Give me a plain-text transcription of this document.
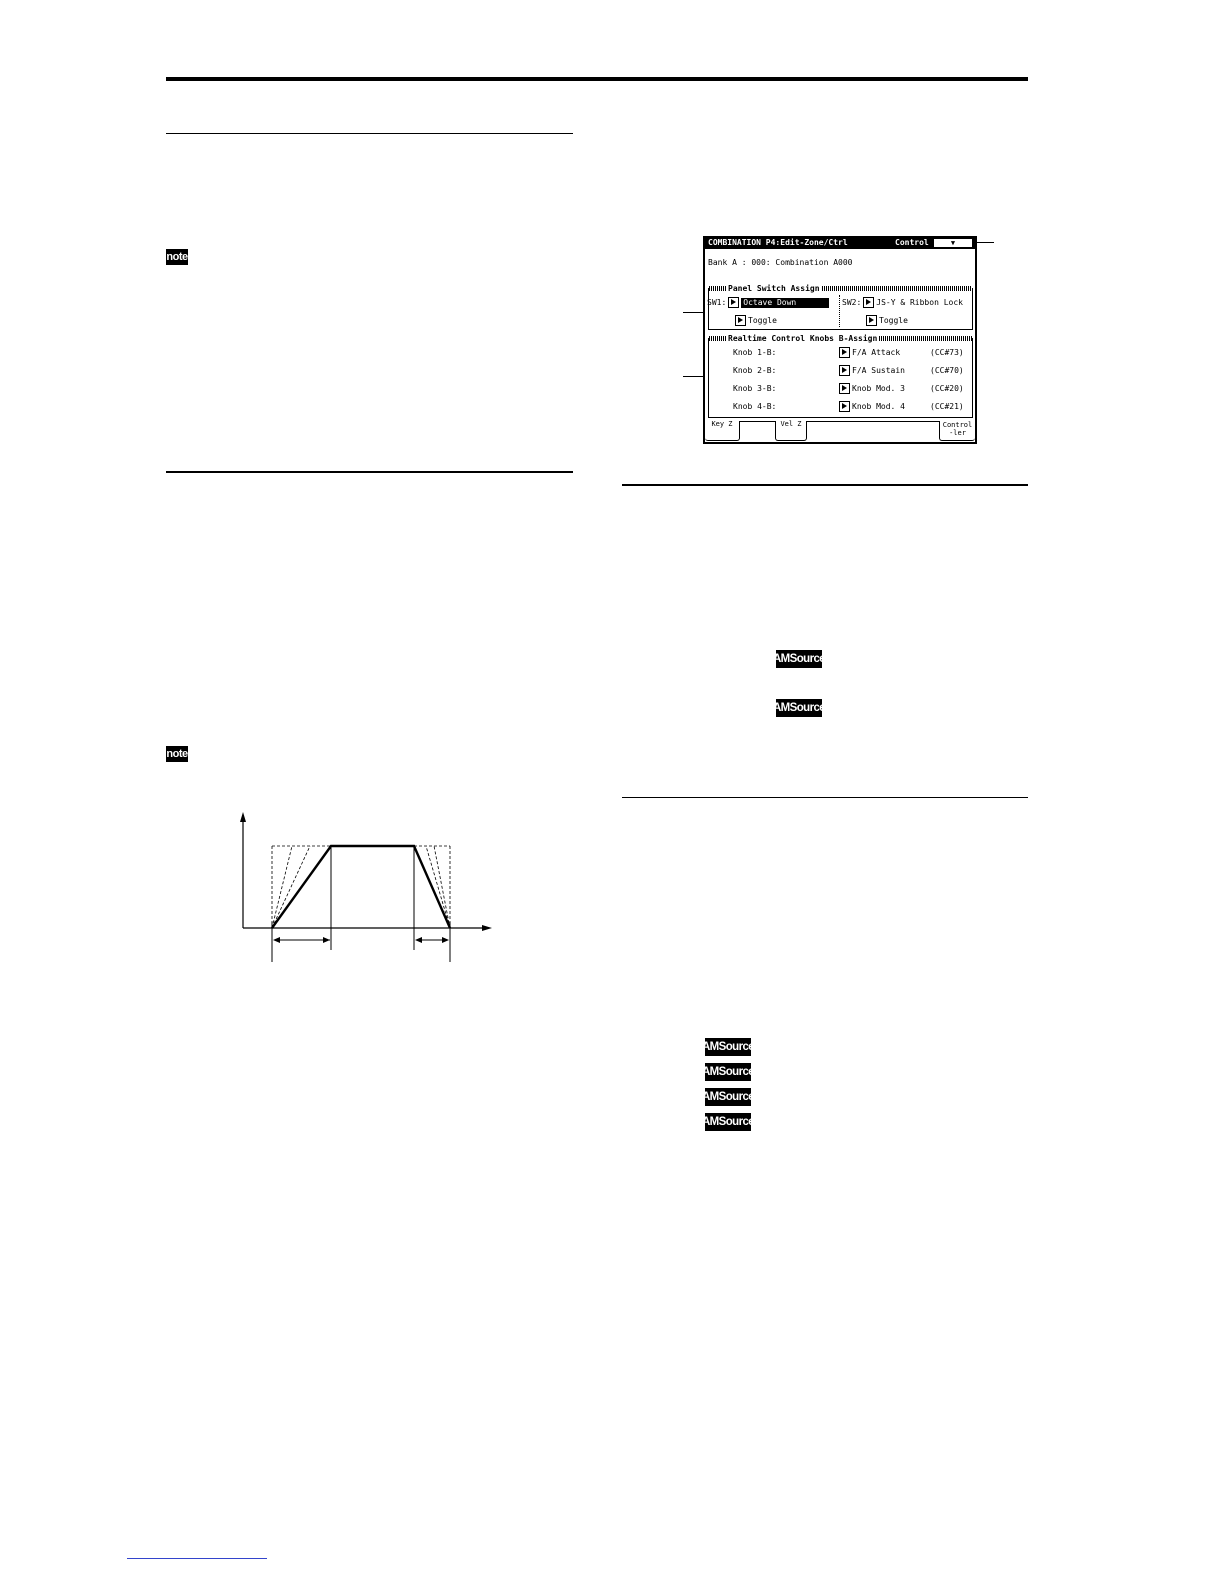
note
note
AMSource
AMSource
AMSource
AMSource
AMSource
AMSource
COMBINATION P4:Edit-Zone/Ctrl	Control	▼
Bank A : 000: Combination A000
Panel Switch Assign
SW1: Octave Down
Toggle
SW2: JS-Y & Ribbon Lock
Toggle
Realtime Control Knobs B-Assign
Knob 1-B:	F/A Attack	(CC#73)
Knob 2-B:	F/A Sustain	(CC#70)
Knob 3-B:	Knob Mod. 3	(CC#20)
Knob 4-B:	Knob Mod. 4	(CC#21)
Key Z	Vel Z	Control-ler
